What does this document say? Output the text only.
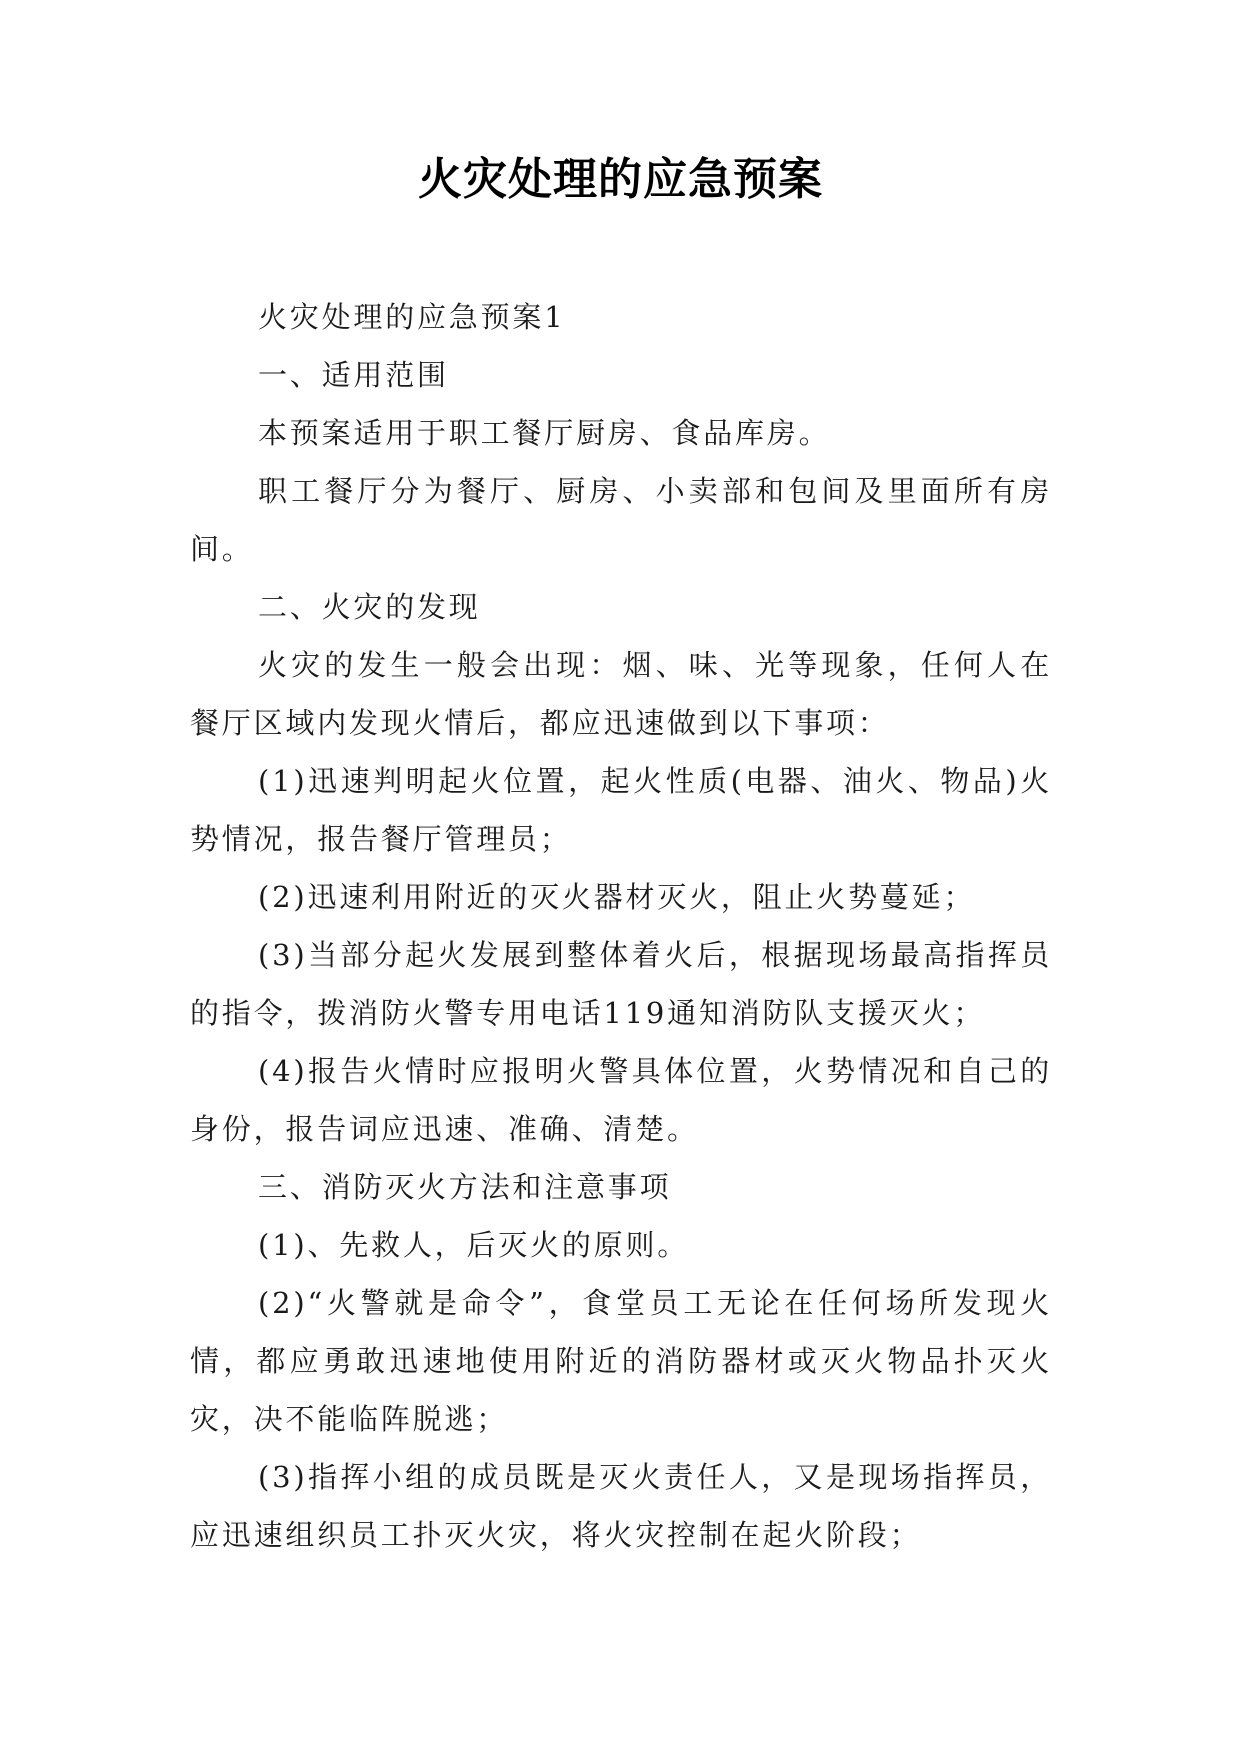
火灾处理的应急预案

火灾处理的应急预案1

一、适用范围

本预案适用于职工餐厅厨房、食品库房。

职工餐厅分为餐厅、厨房、小卖部和包间及里面所有房间。

二、火灾的发现

火灾的发生一般会出现：烟、味、光等现象，任何人在餐厅区域内发现火情后，都应迅速做到以下事项：

(1)迅速判明起火位置，起火性质(电器、油火、物品)火势情况，报告餐厅管理员；

(2)迅速利用附近的灭火器材灭火，阻止火势蔓延；

(3)当部分起火发展到整体着火后，根据现场最高指挥员的指令，拨消防火警专用电话119通知消防队支援灭火；

(4)报告火情时应报明火警具体位置，火势情况和自己的身份，报告词应迅速、准确、清楚。

三、消防灭火方法和注意事项

(1)、先救人，后灭火的原则。

(2)“火警就是命令”，食堂员工无论在任何场所发现火情，都应勇敢迅速地使用附近的消防器材或灭火物品扑灭火灾，决不能临阵脱逃；

(3)指挥小组的成员既是灭火责任人，又是现场指挥员，应迅速组织员工扑灭火灾，将火灾控制在起火阶段；
